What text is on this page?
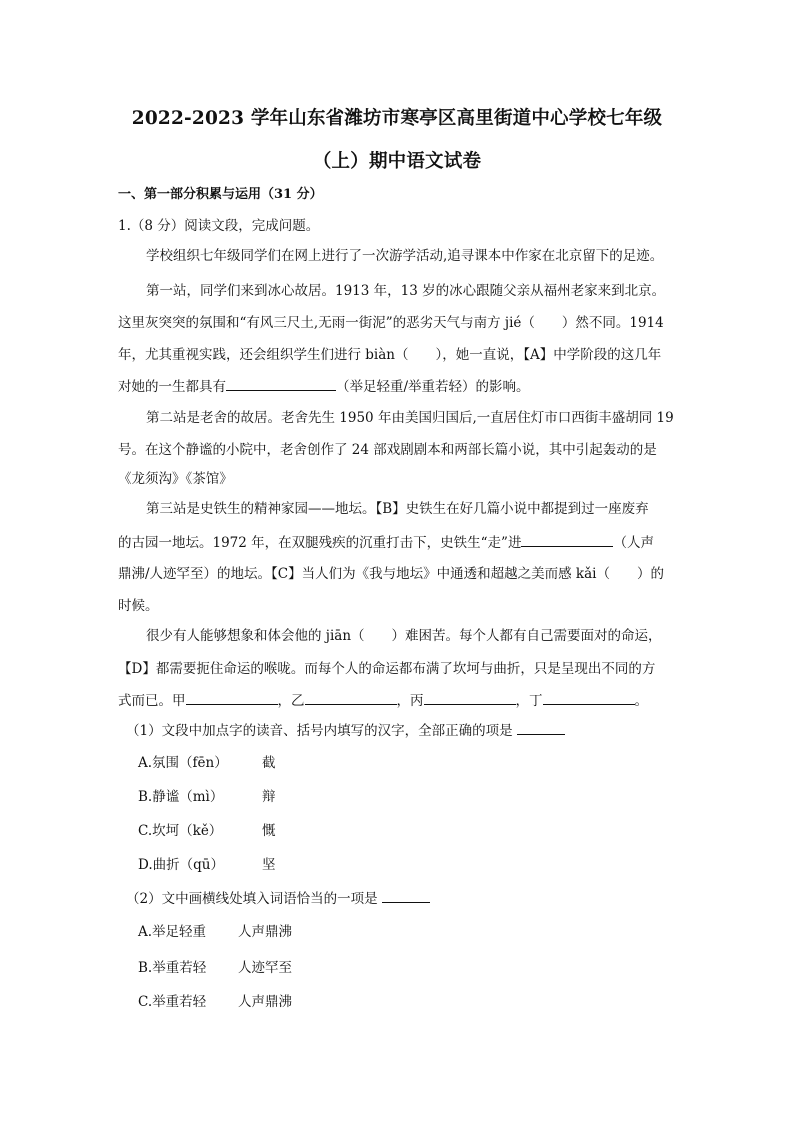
2022-2023 学年山东省潍坊市寒亭区高里街道中心学校七年级
（上）期中语文试卷
一、第一部分积累与运用（31 分）
1.（8 分）阅读文段，完成问题。
学校组织七年级同学们在网上进行了一次游学活动,追寻课本中作家在北京留下的足迹。
第一站，同学们来到冰心故居。1913 年，13 岁的冰心跟随父亲从福州老家来到北京。
这里灰突突的氛围和“有风三尺土,无雨一街泥”的恶劣天气与南方 jié（　　）然不同。1914
年，尤其重视实践，还会组织学生们进行 biàn（　　），她一直说，【A】中学阶段的这几年
对她的一生都具有	（举足轻重/举重若轻）的影响。
第二站是老舍的故居。老舍先生 1950 年由美国归国后,一直居住灯市口西街丰盛胡同 19
号。在这个静谧的小院中，老舍创作了 24 部戏剧剧本和两部长篇小说，其中引起轰动的是
《龙须沟》《茶馆》
第三站是史铁生的精神家园——地坛。【B】史铁生在好几篇小说中都提到过一座废弃
的古园一地坛。1972 年，在双腿残疾的沉重打击下，史铁生“走”进	（人声
鼎沸/人迹罕至）的地坛。【C】当人们为《我与地坛》中通透和超越之美而感 kǎi（　　）的
时候。
很少有人能够想象和体会他的 jiān（　　）难困苦。每个人都有自己需要面对的命运，
【D】都需要扼住命运的喉咙。而每个人的命运都布满了坎坷与曲折，只是呈现出不同的方
式而已。甲	，乙	，丙	，丁	。
（1）文段中加点字的读音、括号内填写的汉字，全部正确的项是
A.氛围（fēn）	截
B.静谧（mì）	辩
C.坎坷（kě）	慨
D.曲折（qū）	坚
（2）文中画横线处填入词语恰当的一项是
A.举足轻重 人声鼎沸
B.举重若轻 人迹罕至
C.举重若轻 人声鼎沸
